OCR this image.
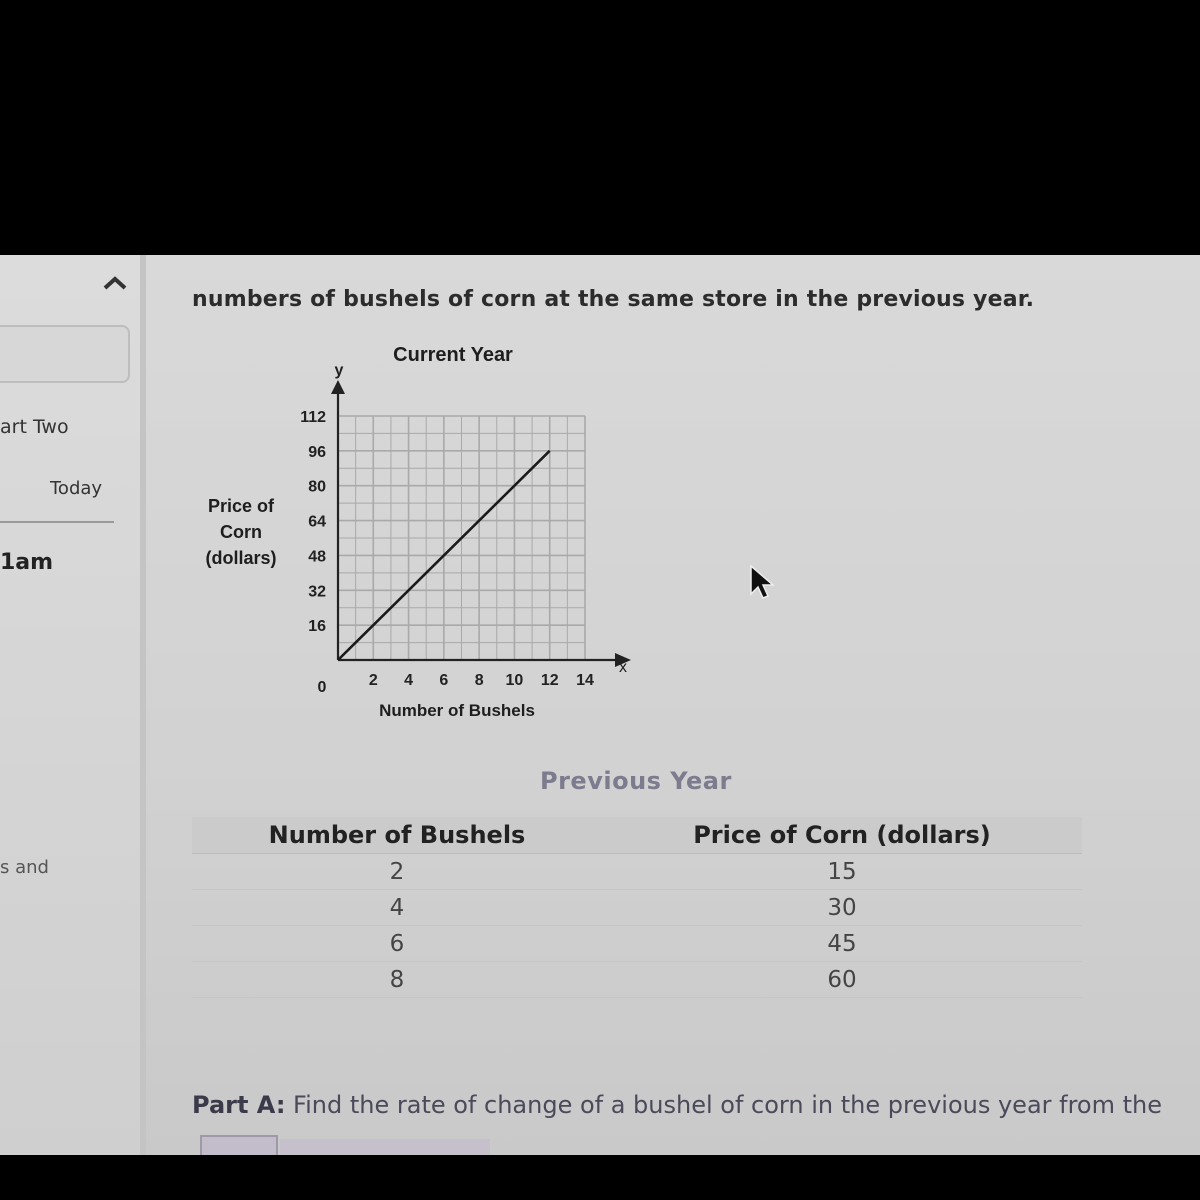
art Two
Today
1am
s and
numbers of bushels of corn at the same store in the previous year.
2 4 6 8 10 12 14
16
32
48
64
80
96
112
Current Year
Number of Bushels
Price of
Corn
(dollars)
0
x
y
Previous Year
Number of Bushels	Price of Corn (dollars)
2	15
4	30
6	45
8	60
Part A: Find the rate of change of a bushel of corn in the previous year from the
